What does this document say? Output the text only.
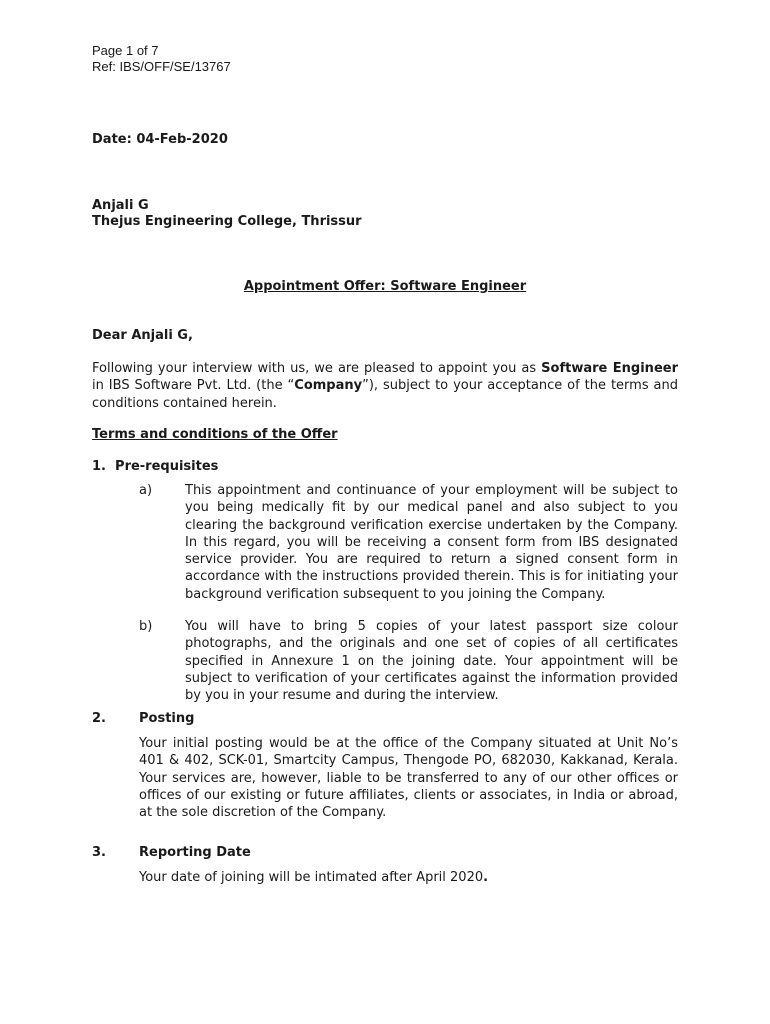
Page 1 of 7
Ref: IBS/OFF/SE/13767
Date: 04-Feb-2020
Anjali G
Thejus Engineering College, Thrissur
Appointment Offer: Software Engineer
Dear Anjali G,
Following your interview with us, we are pleased to appoint you as Software Engineer in IBS Software Pvt. Ltd. (the “Company”), subject to your acceptance of the terms and conditions contained herein.
Terms and conditions of the Offer
1.  Pre-requisites
a)	This appointment and continuance of your employment will be subject to you being medically fit by our medical panel and also subject to you clearing the background verification exercise undertaken by the Company. In this regard, you will be receiving a consent form from IBS designated service provider. You are required to return a signed consent form in accordance with the instructions provided therein. This is for initiating your background verification subsequent to you joining the Company.
b)	You will have to bring 5 copies of your latest passport size colour photographs, and the originals and one set of copies of all certificates specified in Annexure 1 on the joining date. Your appointment will be subject to verification of your certificates against the information provided by you in your resume and during the interview.
2.	Posting
Your initial posting would be at the office of the Company situated at Unit No’s 401 & 402, SCK-01, Smartcity Campus, Thengode PO, 682030, Kakkanad, Kerala. Your services are, however, liable to be transferred to any of our other offices or offices of our existing or future affiliates, clients or associates, in India or abroad, at the sole discretion of the Company.
3.	Reporting Date
Your date of joining will be intimated after April 2020.
